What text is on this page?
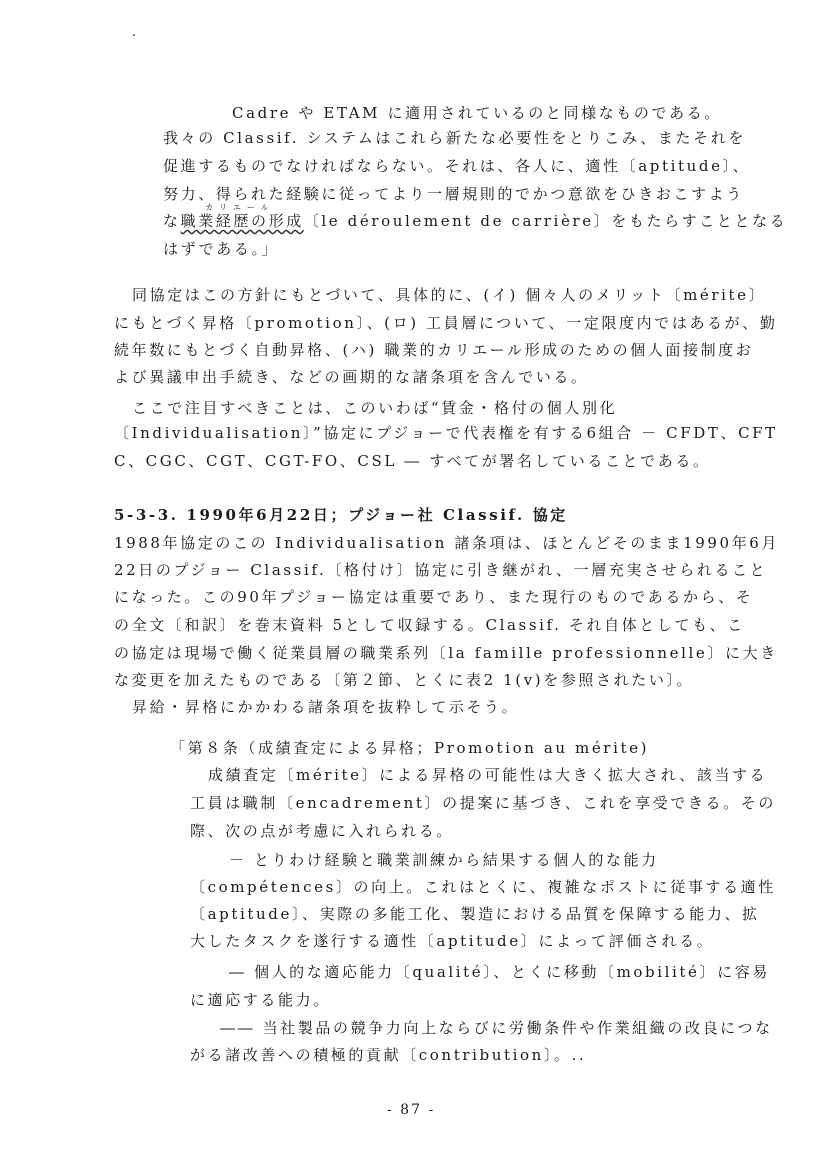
Cadre や ETAM に適用されているのと同様なものである。
我々の Classif. システムはこれら新たな必要性をとりこみ、またそれを
促進するものでなければならない。それは、各人に、適性〔aptitude〕、
努力、得られた経験に従ってより一層規則的でかつ意欲をひきおこすよう
カリエール
な職業経歴の形成〔le déroulement de carrière〕をもたらすこととなる
はずである。」
同協定はこの方針にもとづいて、具体的に、(イ) 個々人のメリット〔mérite〕
にもとづく昇格〔promotion〕、(ロ) 工員層について、一定限度内ではあるが、勤
続年数にもとづく自動昇格、(ハ) 職業的カリエール形成のための個人面接制度お
よび異議申出手続き、などの画期的な諸条項を含んでいる。
ここで注目すべきことは、このいわば“賃金・格付の個人別化
〔Individualisation〕”協定にプジョーで代表権を有する6組合 － CFDT、CFT
C、CGC、CGT、CGT-FO、CSL ― すべてが署名していることである。
5-3-3. 1990年6月22日；プジョー社 Classif. 協定
1988年協定のこの Individualisation 諸条項は、ほとんどそのまま1990年6月
22日のプジョー Classif.〔格付け〕協定に引き継がれ、一層充実させられること
になった。この90年プジョー協定は重要であり、また現行のものであるから、そ
の全文〔和訳〕を巻末資料 5として収録する。Classif. それ自体としても、こ
の協定は現場で働く従業員層の職業系列〔la famille professionnelle〕に大き
な変更を加えたものである〔第２節、とくに表2 1(v)を参照されたい〕。
昇給・昇格にかかわる諸条項を抜粋して示そう。
「第８条（成績査定による昇格；Promotion au mérite)
成績査定〔mérite〕による昇格の可能性は大きく拡大され、該当する
工員は職制〔encadrement〕の提案に基づき、これを享受できる。その
際、次の点が考慮に入れられる。
－ とりわけ経験と職業訓練から結果する個人的な能力
〔compétences〕の向上。これはとくに、複雑なポストに従事する適性
〔aptitude〕、実際の多能工化、製造における品質を保障する能力、拡
大したタスクを遂行する適性〔aptitude〕によって評価される。
― 個人的な適応能力〔qualité〕、とくに移動〔mobilité〕に容易
に適応する能力。
―― 当社製品の競争力向上ならびに労働条件や作業組織の改良につな
がる諸改善への積極的貢献〔contribution〕。..
- 87 -
